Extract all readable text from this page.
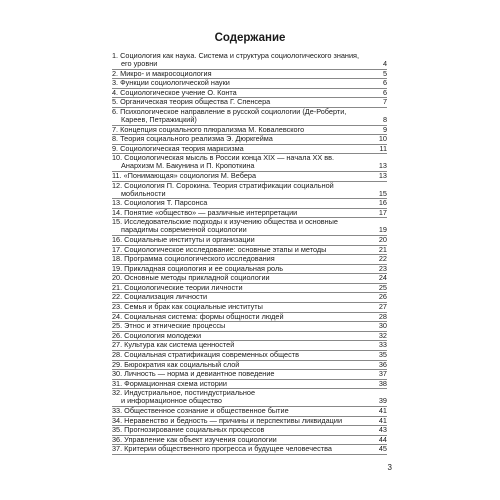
Содержание
1. Социология как наука. Система и структура социологического знания,
его уровни	4
2. Микро- и макросоциология	5
3. Функции социологической науки	6
4. Социологическое учение О. Конта	6
5. Органическая теория общества Г. Спенсера	7
6. Психологическое направление в русской социологии (Де-Роберти,
Кареев, Петражицкий)	8
7. Концепция социального плюрализма М. Ковалевского	9
8. Теория социального реализма Э. Дюркгейма	10
9. Социологическая теория марксизма	11
10. Социологическая мысль в России конца XIX — начала XX вв.
Анархизм М. Бакунина и П. Кропоткина	13
11. «Понимающая» социология М. Вебера	13
12. Социология П. Сорокина. Теория стратификации социальной
мобильности	15
13. Социология Т. Парсонса	16
14. Понятие «общество» — различные интерпретации	17
15. Исследовательские подходы к изучению общества и основные
парадигмы современной социологии	19
16. Социальные институты и организации	20
17. Социологическое исследование: основные этапы и методы	21
18. Программа социологического исследования	22
19. Прикладная социология и ее социальная роль	23
20. Основные методы прикладной социологии	24
21. Социологические теории личности	25
22. Социализация личности	26
23. Семья и брак как социальные институты	27
24. Социальная система: формы общности людей	28
25. Этнос и этнические процессы	30
26. Социология молодежи	32
27. Культура как система ценностей	33
28. Социальная стратификация современных обществ	35
29. Бюрократия как социальный слой	36
30. Личность — норма и девиантное поведение	37
31. Формационная схема истории	38
32. Индустриальное, постиндустриальное
и информационное общество	39
33. Общественное сознание и общественное бытие	41
34. Неравенство и бедность — причины и перспективы ликвидации	41
35. Прогнозирование социальных процессов	43
36. Управление как объект изучения социологии	44
37. Критерии общественного прогресса и будущее человечества	45
3
